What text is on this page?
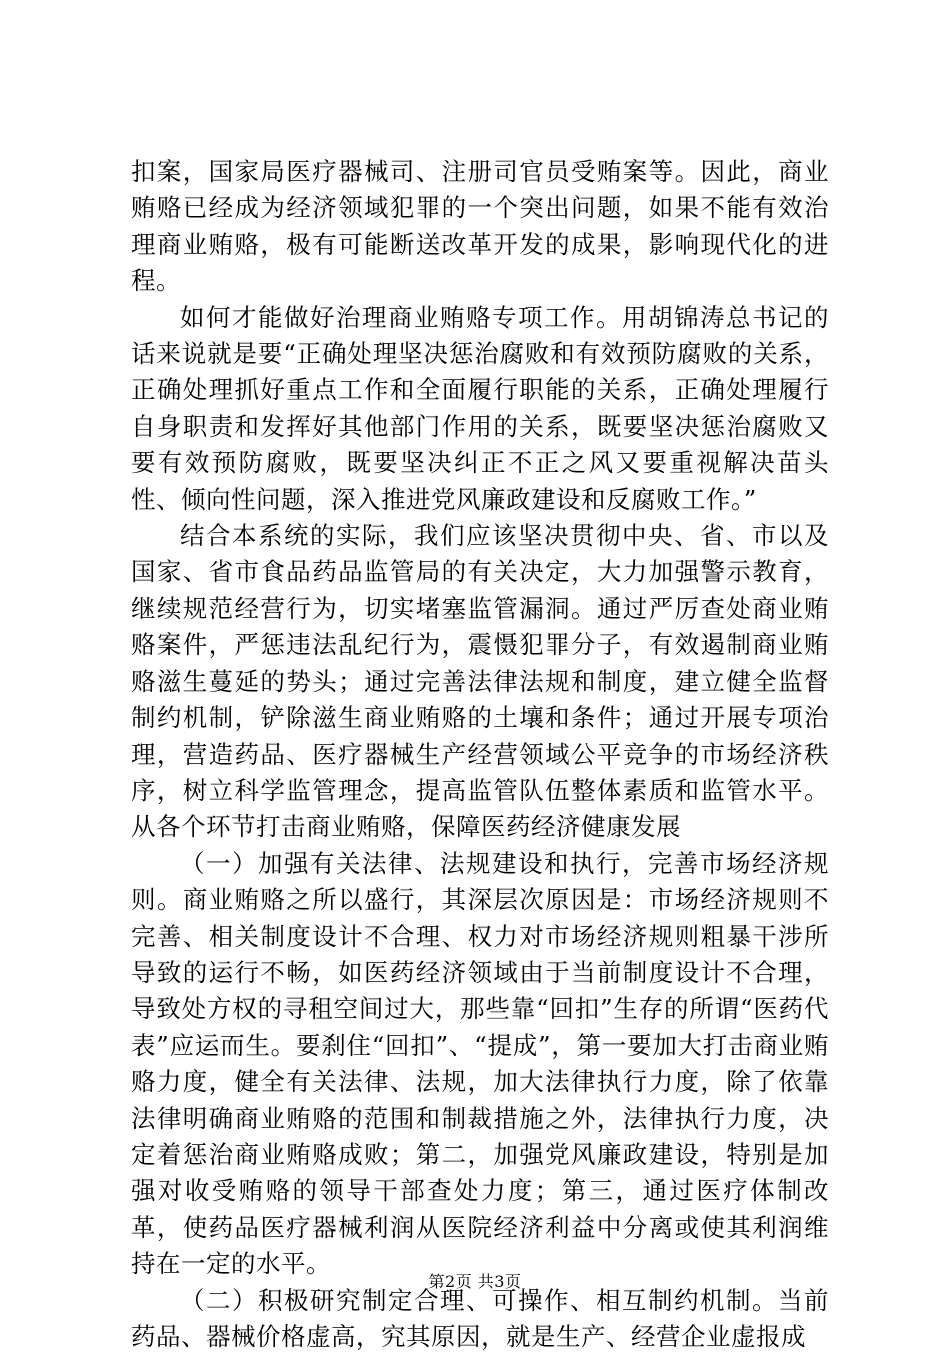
扣案，国家局医疗器械司、注册司官员受贿案等。因此，商业贿赂已经成为经济领域犯罪的一个突出问题，如果不能有效治理商业贿赂，极有可能断送改革开发的成果，影响现代化的进程。

如何才能做好治理商业贿赂专项工作。用胡锦涛总书记的话来说就是要“正确处理坚决惩治腐败和有效预防腐败的关系，正确处理抓好重点工作和全面履行职能的关系，正确处理履行自身职责和发挥好其他部门作用的关系，既要坚决惩治腐败又要有效预防腐败，既要坚决纠正不正之风又要重视解决苗头性、倾向性问题，深入推进党风廉政建设和反腐败工作。”

结合本系统的实际，我们应该坚决贯彻中央、省、市以及国家、省市食品药品监管局的有关决定，大力加强警示教育，继续规范经营行为，切实堵塞监管漏洞。通过严厉查处商业贿赂案件，严惩违法乱纪行为，震慑犯罪分子，有效遏制商业贿赂滋生蔓延的势头；通过完善法律法规和制度，建立健全监督制约机制，铲除滋生商业贿赂的土壤和条件；通过开展专项治理，营造药品、医疗器械生产经营领域公平竞争的市场经济秩序，树立科学监管理念，提高监管队伍整体素质和监管水平。从各个环节打击商业贿赂，保障医药经济健康发展

（一）加强有关法律、法规建设和执行，完善市场经济规则。商业贿赂之所以盛行，其深层次原因是：市场经济规则不完善、相关制度设计不合理、权力对市场经济规则粗暴干涉所导致的运行不畅，如医药经济领域由于当前制度设计不合理，导致处方权的寻租空间过大，那些靠“回扣”生存的所谓“医药代表”应运而生。要刹住“回扣”、“提成”，第一要加大打击商业贿赂力度，健全有关法律、法规，加大法律执行力度，除了依靠法律明确商业贿赂的范围和制裁措施之外，法律执行力度，决定着惩治商业贿赂成败；第二，加强党风廉政建设，特别是加强对收受贿赂的领导干部查处力度；第三，通过医疗体制改革，使药品医疗器械利润从医院经济利益中分离或使其利润维持在一定的水平。

（二）积极研究制定合理、可操作、相互制约机制。当前药品、器械价格虚高，究其原因，就是生产、经营企业虚报成

第2页 共3页
